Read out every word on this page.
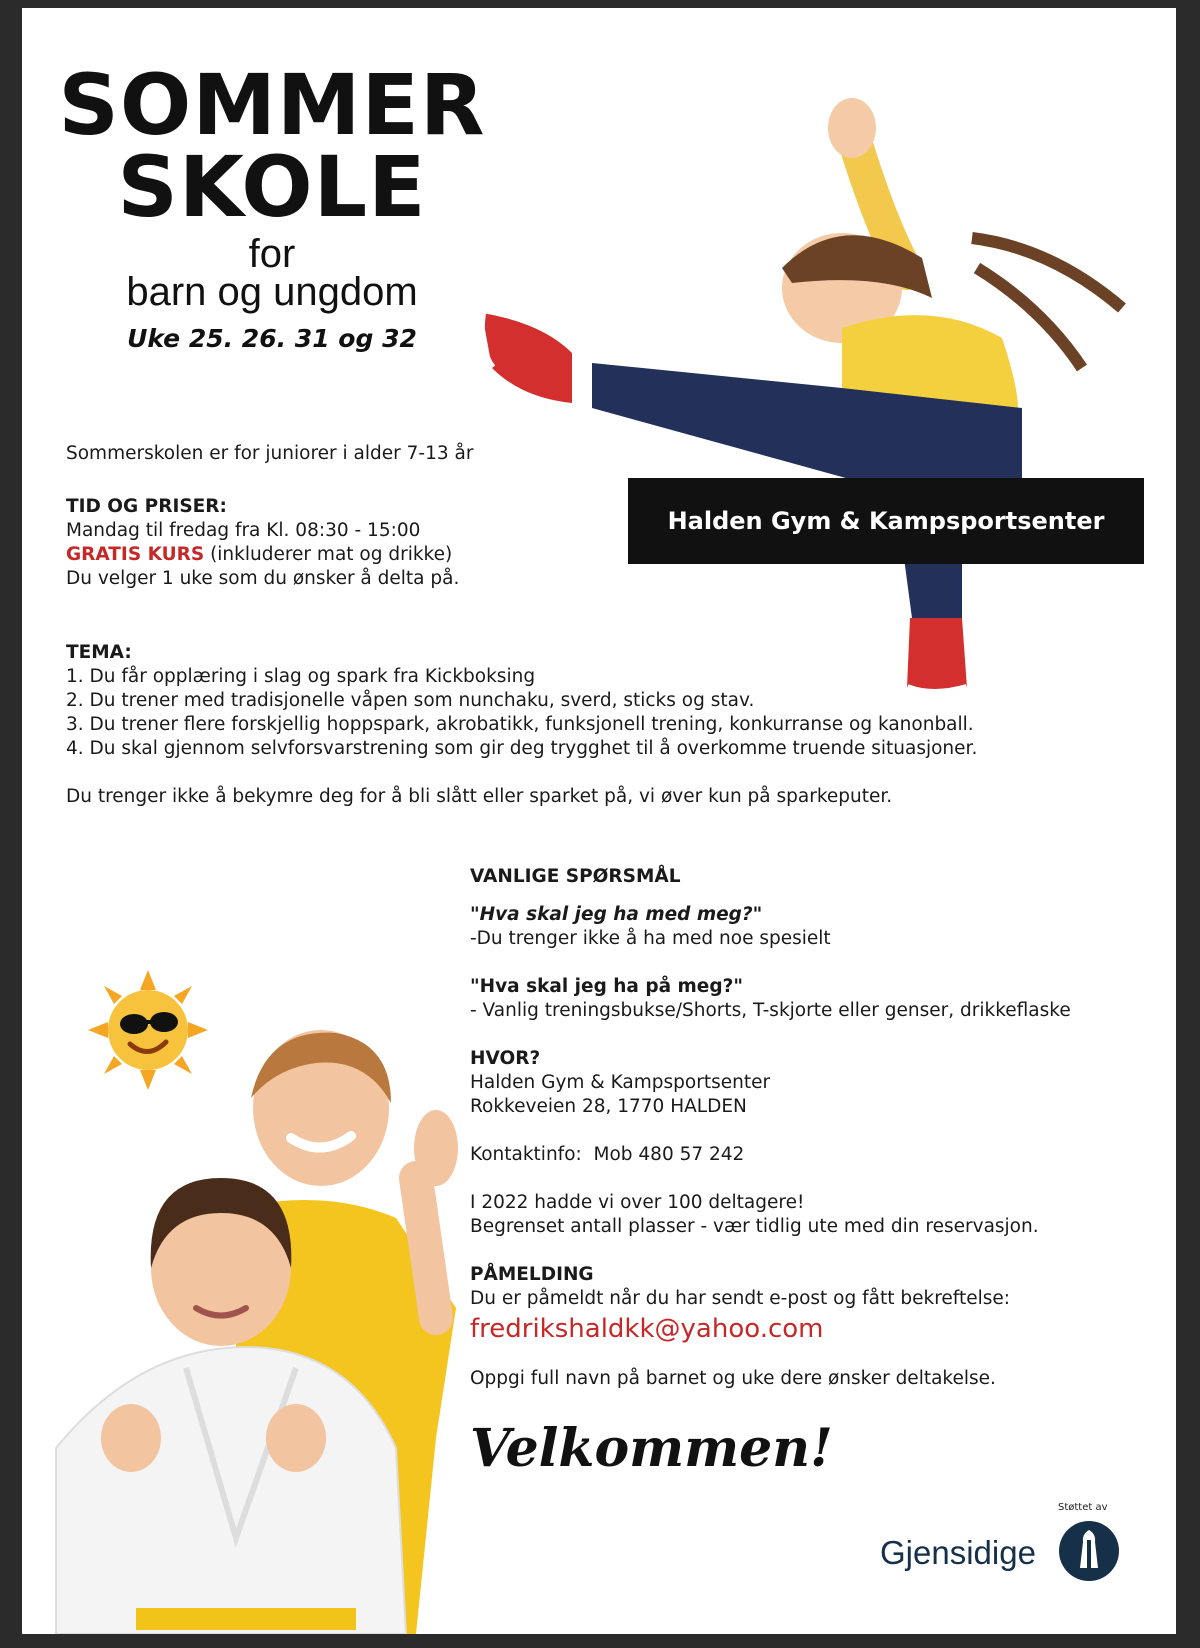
SOMMER
SKOLE
for
barn og ungdom
Uke 25. 26. 31 og 32
Halden Gym & Kampsportsenter
Sommerskolen er for juniorer i alder 7-13 år
TID OG PRISER:
Mandag til fredag fra Kl. 08:30 - 15:00
GRATIS KURS (inkluderer mat og drikke)
Du velger 1 uke som du ønsker å delta på.
TEMA:
1. Du får opplæring i slag og spark fra Kickboksing
2. Du trener med tradisjonelle våpen som nunchaku, sverd, sticks og stav.
3. Du trener flere forskjellig hoppspark, akrobatikk, funksjonell trening, konkurranse og kanonball.
4. Du skal gjennom selvforsvarstrening som gir deg trygghet til å overkomme truende situasjoner.
Du trenger ikke å bekymre deg for å bli slått eller sparket på, vi øver kun på sparkeputer.
VANLIGE SPØRSMÅL
"Hva skal jeg ha med meg?"
-Du trenger ikke å ha med noe spesielt
"Hva skal jeg ha på meg?"
- Vanlig treningsbukse/Shorts, T-skjorte eller genser, drikkeflaske
HVOR?
Halden Gym & Kampsportsenter
Rokkeveien 28, 1770 HALDEN
Kontaktinfo:  Mob 480 57 242
I 2022 hadde vi over 100 deltagere!
Begrenset antall plasser - vær tidlig ute med din reservasjon.
PÅMELDING
Du er påmeldt når du har sendt e-post og fått bekreftelse:
fredrikshaldkk@yahoo.com
Oppgi full navn på barnet og uke dere ønsker deltakelse.
Velkommen!
Støttet av
Gjensidige
